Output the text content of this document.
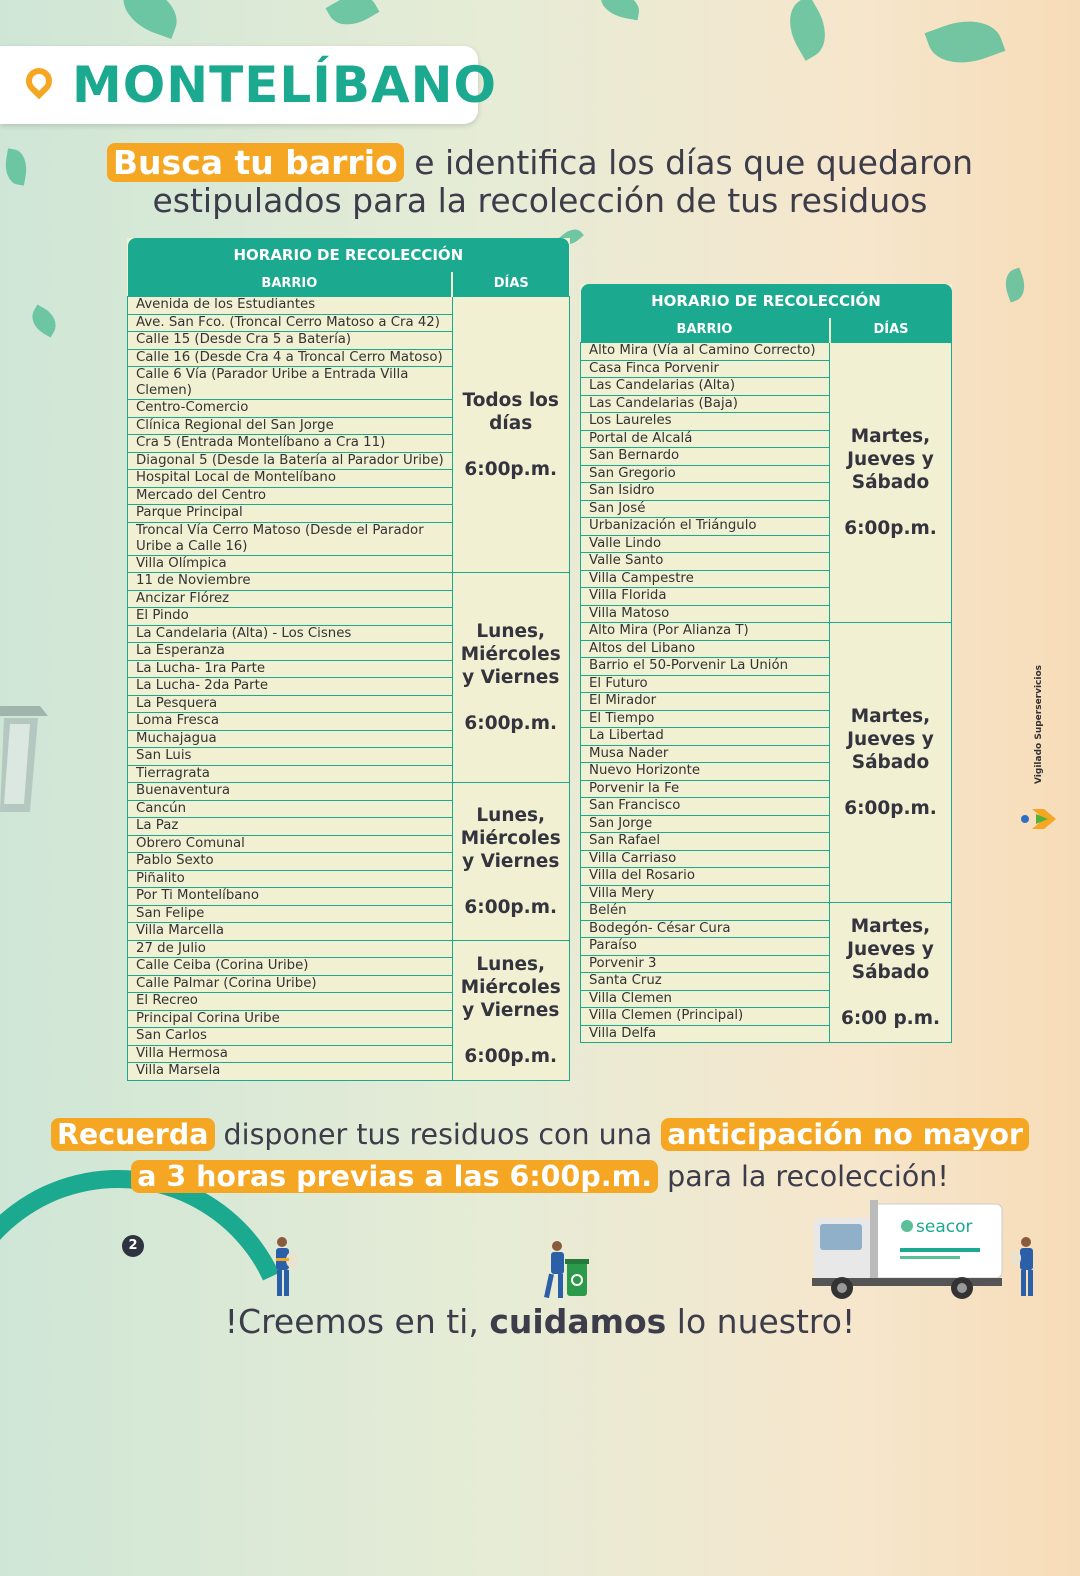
MONTELÍBANO
Busca tu barrio e identifica los días que quedaron
estipulados para la recolección de tus residuos
HORARIO DE RECOLECCIÓN	
BARRIO	DÍAS
Avenida de los Estudiantes	Todos los días
6:00p.m.
Ave. San Fco. (Troncal Cerro Matoso a Cra 42)	
Calle 15 (Desde Cra 5 a Batería)	
Calle 16 (Desde Cra 4 a Troncal Cerro Matoso)	
Calle 6 Vía (Parador Uribe a Entrada Villa Clemen)	
Centro-Comercio	
Clínica Regional del San Jorge	
Cra 5 (Entrada Montelíbano a Cra 11)	
Diagonal 5 (Desde la Batería al Parador Uribe)	
Hospital Local de Montelíbano	
Mercado del Centro	
Parque Principal	
Troncal Vía Cerro Matoso (Desde el Parador Uribe a Calle 16)	
Villa Olímpica	
11 de Noviembre	Lunes, Miércoles y Viernes
6:00p.m.
Ancizar Flórez	
El Pindo	
La Candelaria (Alta) - Los Cisnes	
La Esperanza	
La Lucha- 1ra Parte	
La Lucha- 2da Parte	
La Pesquera	
Loma Fresca	
Muchajagua	
San Luis	
Tierragrata	
Buenaventura	Lunes, Miércoles y Viernes
6:00p.m.
Cancún	
La Paz	
Obrero Comunal	
Pablo Sexto	
Piñalito	
Por Ti Montelíbano	
San Felipe	
Villa Marcella	
27 de Julio	Lunes, Miércoles y Viernes
6:00p.m.
Calle Ceiba (Corina Uribe)	
Calle Palmar (Corina Uribe)	
El Recreo	
Principal Corina Uribe	
San Carlos	
Villa Hermosa	
Villa Marsela	
HORARIO DE RECOLECCIÓN	
BARRIO	DÍAS
Alto Mira (Vía al Camino Correcto)	Martes, Jueves y Sábado
6:00p.m.
Casa Finca Porvenir	
Las Candelarias (Alta)	
Las Candelarias (Baja)	
Los Laureles	
Portal de Alcalá	
San Bernardo	
San Gregorio	
San Isidro	
San José	
Urbanización el Triángulo	
Valle Lindo	
Valle Santo	
Villa Campestre	
Villa Florida	
Villa Matoso	
Alto Mira (Por Alianza T)	Martes, Jueves y Sábado
6:00p.m.
Altos del Libano	
Barrio el 50-Porvenir La Unión	
El Futuro	
El Mirador	
El Tiempo	
La Libertad	
Musa Nader	
Nuevo Horizonte	
Porvenir la Fe	
San Francisco	
San Jorge	
San Rafael	
Villa Carriaso	
Villa del Rosario	
Villa Mery	
Belén	Martes, Jueves y Sábado
6:00 p.m.
Bodegón- César Cura	
Paraíso	
Porvenir 3	
Santa Cruz	
Villa Clemen	
Villa Clemen (Principal)	
Villa Delfa	
Vigilado Superservicios
Recuerda disponer tus residuos con una anticipación no mayor
a 3 horas previas a las 6:00p.m. para la recolección!
seacor
2
!Creemos en ti, cuidamos lo nuestro!
